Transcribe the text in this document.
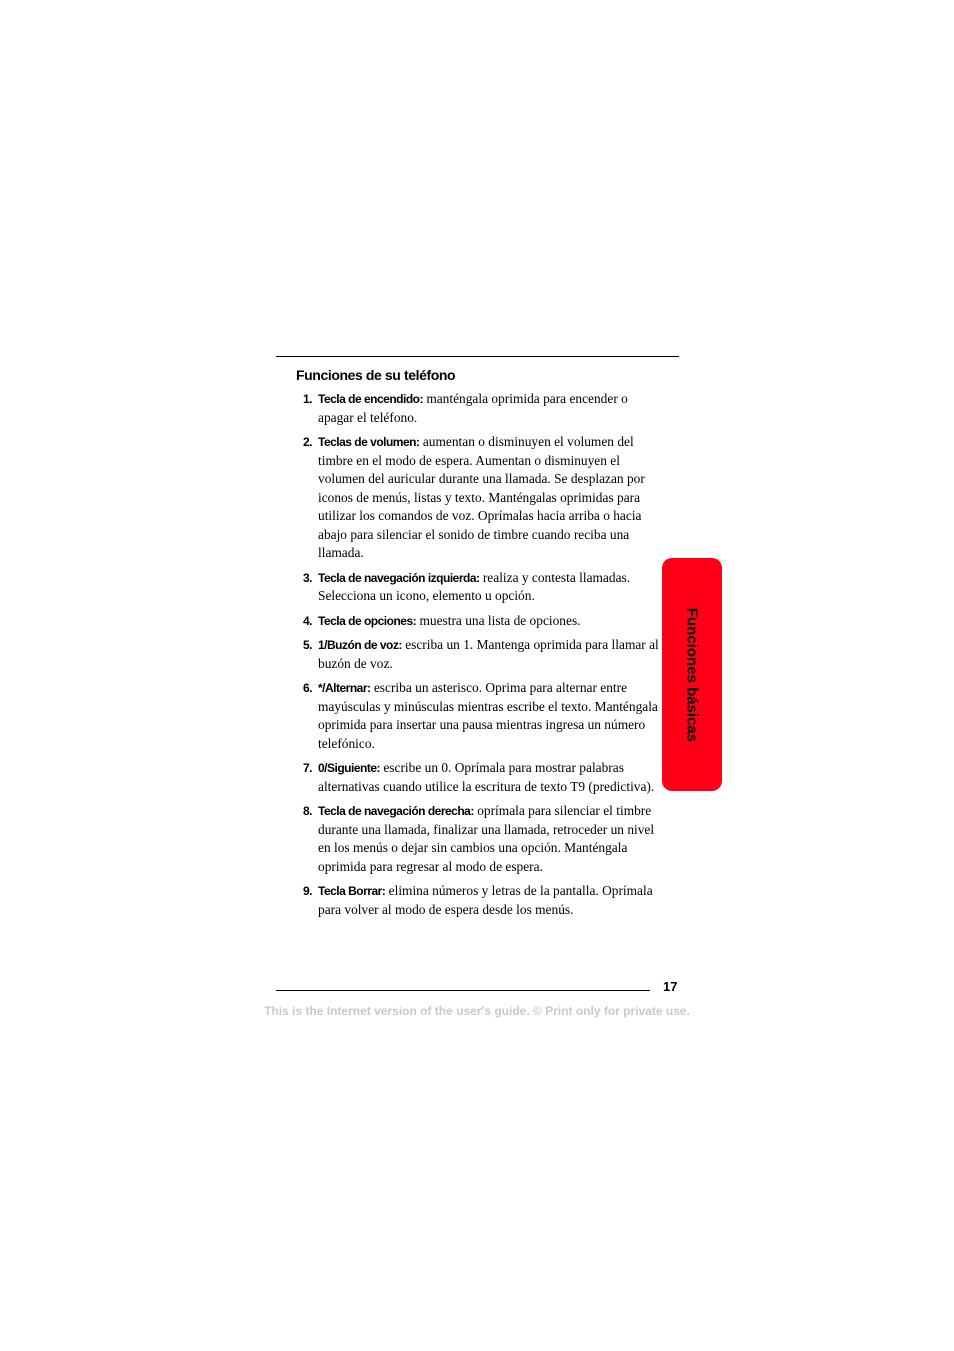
Funciones de su teléfono
1. Tecla de encendido: manténgala oprimida para encender o apagar el teléfono.
2. Teclas de volumen: aumentan o disminuyen el volumen del timbre en el modo de espera. Aumentan o disminuyen el volumen del auricular durante una llamada. Se desplazan por iconos de menús, listas y texto. Manténgalas oprimidas para utilizar los comandos de voz. Oprímalas hacia arriba o hacia abajo para silenciar el sonido de timbre cuando reciba una llamada.
3. Tecla de navegación izquierda: realiza y contesta llamadas. Selecciona un icono, elemento u opción.
4. Tecla de opciones: muestra una lista de opciones.
5. 1/Buzón de voz: escriba un 1. Mantenga oprimida para llamar al buzón de voz.
6. */Alternar: escriba un asterisco. Oprima para alternar entre mayúsculas y minúsculas mientras escribe el texto. Manténgala oprimida para insertar una pausa mientras ingresa un número telefónico.
7. 0/Siguiente: escribe un 0. Oprímala para mostrar palabras alternativas cuando utilice la escritura de texto T9 (predictiva).
8. Tecla de navegación derecha: oprímala para silenciar el timbre durante una llamada, finalizar una llamada, retroceder un nivel en los menús o dejar sin cambios una opción. Manténgala oprimida para regresar al modo de espera.
9. Tecla Borrar: elimina números y letras de la pantalla. Oprímala para volver al modo de espera desde los menús.
Funciones básicas
17
This is the Internet version of the user's guide. © Print only for private use.
